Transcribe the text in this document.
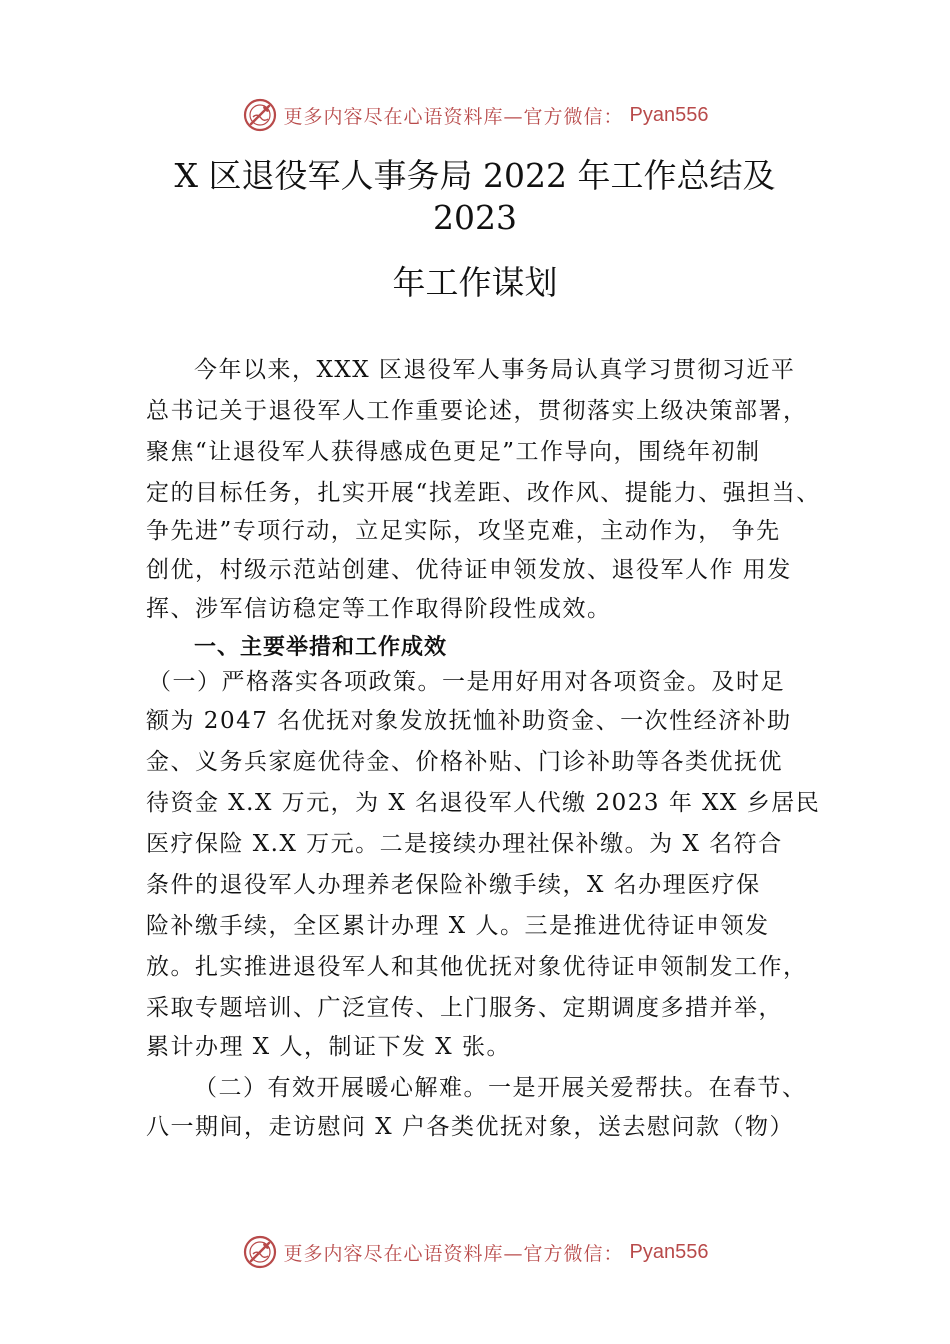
更多内容尽在心语资料库—官方微信： Pyan556
X 区退役军人事务局 2022 年工作总结及
2023
年工作谋划
今年以来，XXX 区退役军人事务局认真学习贯彻习近平
总书记关于退役军人工作重要论述，贯彻落实上级决策部署，
聚焦“让退役军人获得感成色更足”工作导向，围绕年初制
定的目标任务，扎实开展“找差距、改作风、提能力、强担当、
争先进”专项行动，立足实际，攻坚克难，主动作为， 争先
创优，村级示范站创建、优待证申领发放、退役军人作 用发
挥、涉军信访稳定等工作取得阶段性成效。
一、主要举措和工作成效
（一）严格落实各项政策。一是用好用对各项资金。及时足
额为 2047 名优抚对象发放抚恤补助资金、一次性经济补助
金、义务兵家庭优待金、价格补贴、门诊补助等各类优抚优
待资金 X.X 万元，为 X 名退役军人代缴 2023 年 XX 乡居民
医疗保险 X.X 万元。二是接续办理社保补缴。为 X 名符合
条件的退役军人办理养老保险补缴手续，X 名办理医疗保
险补缴手续，全区累计办理 X 人。三是推进优待证申领发
放。扎实推进退役军人和其他优抚对象优待证申领制发工作，
采取专题培训、广泛宣传、上门服务、定期调度多措并举，
累计办理 X 人，制证下发 X 张。
（二）有效开展暖心解难。一是开展关爱帮扶。在春节、
八一期间，走访慰问 X 户各类优抚对象，送去慰问款（物）
更多内容尽在心语资料库—官方微信： Pyan556
